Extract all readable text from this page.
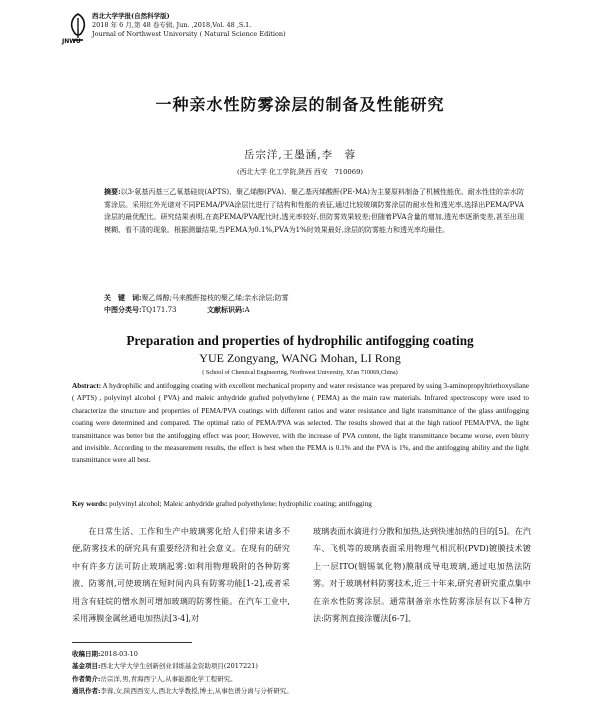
JNWU
西北大学学报(自然科学版)
2018 年 6 月,第 48 卷专辑, Jun. ,2018,Vol. 48 ,S.1.
Journal of Northwest University ( Natural Science Edition)
一种亲水性防雾涂层的制备及性能研究
岳宗洋,王墨涵,李　蓉
(西北大学 化工学院,陕西 西安　710069)
摘要:以3-氨基丙基三乙氧基硅烷(APTS)、聚乙烯醇(PVA)、聚乙基丙烯酸酐(PE-MA)为主要原料制备了机械性能优、耐水性佳的亲水防雾涂层。采用红外光谱对不同PEMA/PVA涂层比进行了结构和性能的表征,通过比较玻璃防雾涂层的耐水性和透光率,选择出PEMA/PVA涂层的最优配比。研究结果表明,在高PEMA/PVA配比时,透光率较好,但防雾效果较差;但随着PVA含量的增加,透光率逐渐变差,甚至出现模糊、看不清的现象。根据测量结果,当PEMA为0.1%,PVA为1%时效果最好,涂层的防雾能力和透光率均最佳。
关　键　词:聚乙烯醇;马来酸酐接枝的聚乙烯;亲水涂层;防雾
中图分类号:TQ171.73	文献标识码:A
Preparation and properties of hydrophilic antifogging coating
YUE Zongyang, WANG Mohan, LI Rong
( School of Chemical Engineering, Northwest University, Xi'an 710069,China)
Abstract: A hydrophilic and antifogging coating with excellent mechanical property and water resistance was prepared by using 3-aminopropyltriethoxysilane ( APTS) , polyvinyl alcohol ( PVA) and maleic anhydride grafted polyethylene ( PEMA) as the main raw materials. Infrared spectroscopy were used to characterize the structure and properties of PEMA/PVA coatings with different ratios and water resistance and light transmittance of the glass antifogging coating were determined and compared. The optimal ratio of PEMA/PVA was selected. The results showed that at the high ratioof PEMA/PVA, the light transmittance was better but the antifogging effect was poor; However, with the increase of PVA content, the light transmittance became worse, even blurry and invisible. According to the measurement results, the effect is best when the PEMA is 0.1% and the PVA is 1%, and the antifogging ability and the light transmittance were all best.
Key words: polyvinyl alcohol; Maleic anhydride grafted polyethylene; hydrophilic coating; antifogging
在日常生活、工作和生产中玻璃雾化给人们带来诸多不便,防雾技术的研究具有重要经济和社会意义。在现有的研究中有许多方法可防止玻璃起雾:如利用物理吸附的各种防雾液、防雾剂,可使玻璃在短时间内具有防雾功能[1-2],或者采用含有硅烷的憎水剂可增加玻璃的防雾性能。在汽车工业中,采用薄膜金属丝通电加热法[3-4],对
玻璃表面水滴进行分散和加热,达到快速加热的目的[5]。在汽车、飞机等的玻璃表面采用物理气相沉积(PVD)镀膜技术镀上一层ITO(铟锡氧化物)膜制成导电玻璃,通过电加热法防雾。对于玻璃材料防雾技术,近三十年来,研究者研究重点集中在亲水性防雾涂层。通常制备亲水性防雾涂层有以下4种方法:防雾剂直接涂覆法[6-7]、
收稿日期:2018-03-10
基金项目:西北大学大学生创新创业训练基金资助项目(2017221)
作者简介:岳宗洋,男,青海西宁人,从事能源化学工程研究。
通讯作者:李蓉,女,陕西西安人,西北大学教授,博士,从事色谱分离与分析研究。
